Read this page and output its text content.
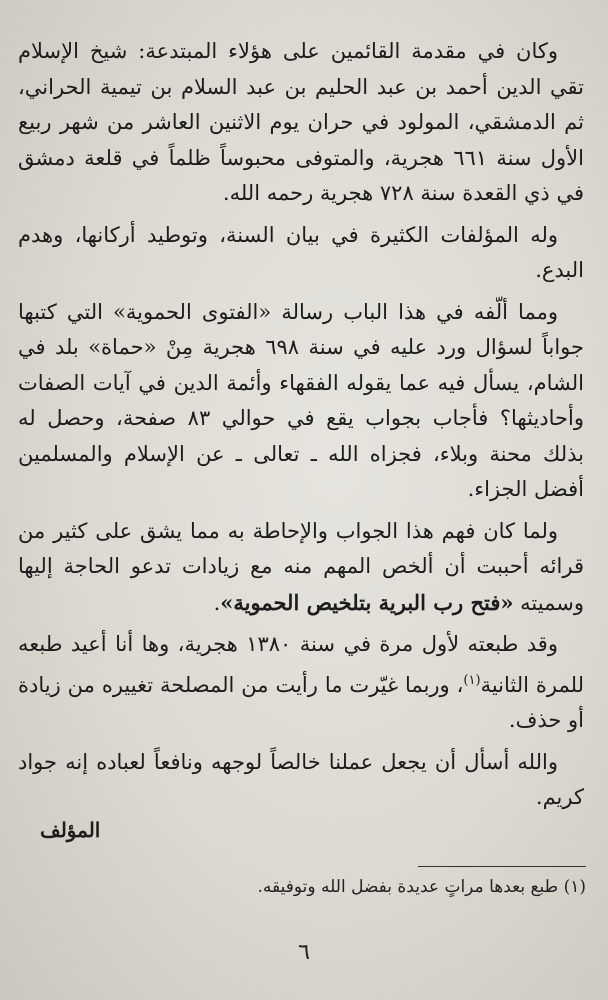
وكان في مقدمة القائمين على هؤلاء المبتدعة: شيخ الإسلام تقي الدين أحمد بن عبد الحليم بن عبد السلام بن تيمية الحراني، ثم الدمشقي، المولود في حران يوم الاثنين العاشر من شهر ربيع الأول سنة ٦٦١ هجرية، والمتوفى محبوساً ظلماً في قلعة دمشق في ذي القعدة سنة ٧٢٨ هجرية رحمه الله.

وله المؤلفات الكثيرة في بيان السنة، وتوطيد أركانها، وهدم البدع.

ومما ألّفه في هذا الباب رسالة «الفتوى الحموية» التي كتبها جواباً لسؤال ورد عليه في سنة ٦٩٨ هجرية مِنْ «حماة» بلد في الشام، يسأل فيه عما يقوله الفقهاء وأئمة الدين في آيات الصفات وأحاديثها؟ فأجاب بجواب يقع في حوالي ٨٣ صفحة، وحصل له بذلك محنة وبلاء، فجزاه الله ـ تعالى ـ عن الإسلام والمسلمين أفضل الجزاء.

ولما كان فهم هذا الجواب والإحاطة به مما يشق على كثير من قرائه أحببت أن ألخص المهم منه مع زيادات تدعو الحاجة إليها وسميته «فتح رب البرية بتلخيص الحموية».

وقد طبعته لأول مرة في سنة ١٣٨٠ هجرية، وها أنا أعيد طبعه للمرة الثانية$^{(١)}$، وربما غيّرت ما رأيت من المصلحة تغييره من زيادة أو حذف.

والله أسأل أن يجعل عملنا خالصاً لوجهه ونافعاً لعباده إنه جواد كريم.

المؤلف
(١) طبع بعدها مراتٍ عديدة بفضل الله وتوفيقه.
٦
